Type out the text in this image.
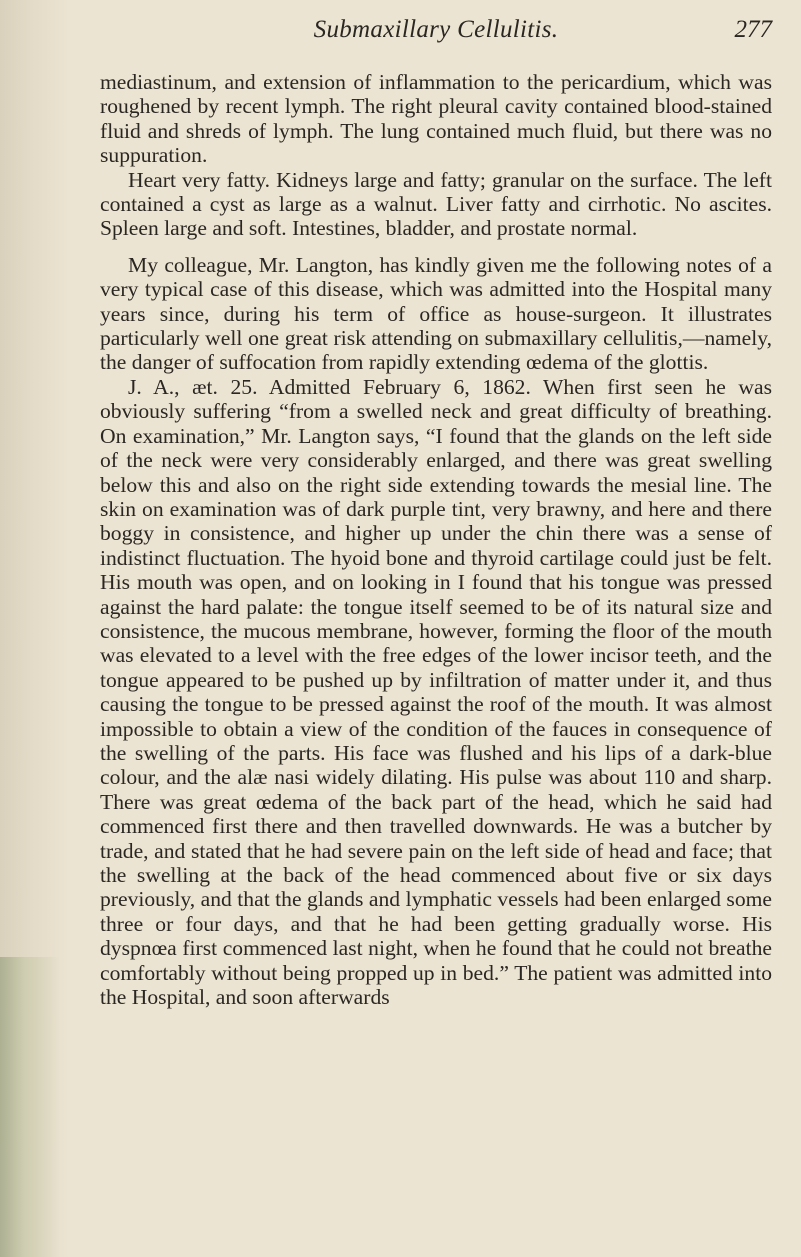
Submaxillary Cellulitis.	277

mediastinum, and extension of inflammation to the pericardium, which was roughened by recent lymph. The right pleural cavity contained blood-stained fluid and shreds of lymph. The lung contained much fluid, but there was no suppuration.

Heart very fatty. Kidneys large and fatty; granular on the surface. The left contained a cyst as large as a walnut. Liver fatty and cirrhotic. No ascites. Spleen large and soft. Intestines, bladder, and prostate normal.

My colleague, Mr. Langton, has kindly given me the following notes of a very typical case of this disease, which was admitted into the Hospital many years since, during his term of office as house-surgeon. It illustrates particularly well one great risk attending on submaxillary cellulitis,—namely, the danger of suffocation from rapidly extending œdema of the glottis.

J. A., æt. 25. Admitted February 6, 1862. When first seen he was obviously suffering “from a swelled neck and great difficulty of breathing. On examination,” Mr. Langton says, “I found that the glands on the left side of the neck were very considerably enlarged, and there was great swelling below this and also on the right side extending towards the mesial line. The skin on examination was of dark purple tint, very brawny, and here and there boggy in consistence, and higher up under the chin there was a sense of indistinct fluctuation. The hyoid bone and thyroid cartilage could just be felt. His mouth was open, and on looking in I found that his tongue was pressed against the hard palate: the tongue itself seemed to be of its natural size and consistence, the mucous membrane, however, forming the floor of the mouth was elevated to a level with the free edges of the lower incisor teeth, and the tongue appeared to be pushed up by infiltration of matter under it, and thus causing the tongue to be pressed against the roof of the mouth. It was almost impossible to obtain a view of the condition of the fauces in consequence of the swelling of the parts. His face was flushed and his lips of a dark-blue colour, and the alæ nasi widely dilating. His pulse was about 110 and sharp. There was great œdema of the back part of the head, which he said had commenced first there and then travelled downwards. He was a butcher by trade, and stated that he had severe pain on the left side of head and face; that the swelling at the back of the head commenced about five or six days previously, and that the glands and lymphatic vessels had been enlarged some three or four days, and that he had been getting gradually worse. His dyspnœa first commenced last night, when he found that he could not breathe comfortably without being propped up in bed.” The patient was admitted into the Hospital, and soon afterwards
